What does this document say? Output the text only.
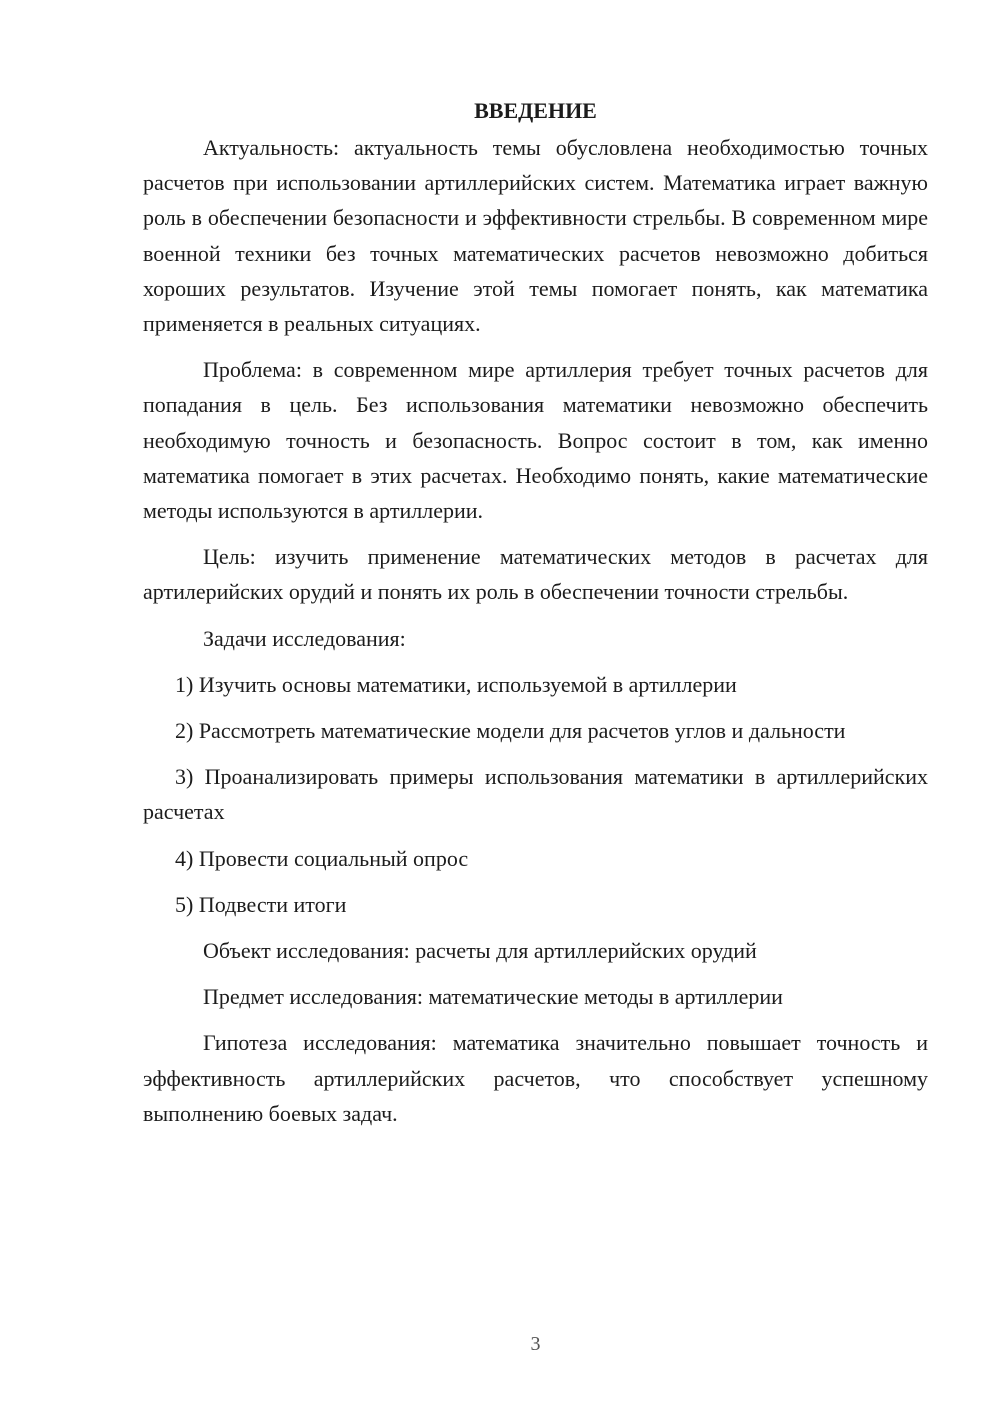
ВВЕДЕНИЕ

Актуальность: актуальность темы обусловлена необходимостью точных расчетов при использовании артиллерийских систем. Математика играет важную роль в обеспечении безопасности и эффективности стрельбы. В современном мире военной техники без точных математических расчетов невозможно добиться хороших результатов. Изучение этой темы помогает понять, как математика применяется в реальных ситуациях.

Проблема: в современном мире артиллерия требует точных расчетов для попадания в цель. Без использования математики невозможно обеспечить необходимую точность и безопасность. Вопрос состоит в том, как именно математика помогает в этих расчетах. Необходимо понять, какие математические методы используются в артиллерии.

Цель: изучить применение математических методов в расчетах для артилерийских орудий и понять их роль в обеспечении точности стрельбы.

Задачи исследования:

1) Изучить основы математики, используемой в артиллерии

2) Рассмотреть математические модели для расчетов углов и дальности

3) Проанализировать примеры использования математики в артиллерийских расчетах

4) Провести социальный опрос

5) Подвести итоги

Объект исследования: расчеты для артиллерийских орудий

Предмет исследования: математические методы в артиллерии

Гипотеза исследования: математика значительно повышает точность и эффективность артиллерийских расчетов, что способствует успешному выполнению боевых задач.

3
